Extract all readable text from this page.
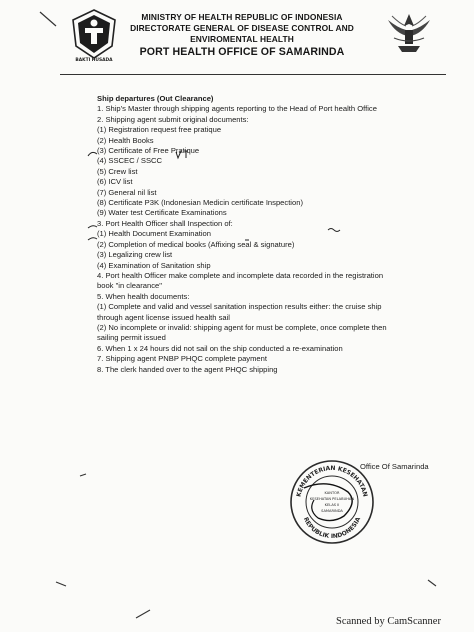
BAKTI HUSADA
MINISTRY OF HEALTH REPUBLIC OF INDONESIA
DIRECTORATE GENERAL OF DISEASE CONTROL AND
ENVIROMENTAL HEALTH
PORT HEALTH OFFICE OF SAMARINDA
Ship departures (Out Clearance)
1. Ship's Master through shipping agents reporting to the Head of Port health Office
2. Shipping agent submit original documents:
(1) Registration request free pratique
(2) Health Books
(3) Certificate of Free Pratique
(4) SSCEC / SSCC
(5) Crew list
(6) ICV list
(7) General nil list
(8) Certificate P3K (Indonesian Medicin certificate Inspection)
(9) Water test Certificate Examinations
3. Port Health Officer shall Inspection of:
(1) Health Document Examination
(2) Completion of medical books (Affixing seal & signature)
(3) Legalizing crew list
(4) Examination of Sanitation ship
4. Port health Officer make complete and incomplete data recorded in the registration
book "in clearance"
5. When health documents:
(1) Complete and valid and vessel sanitation inspection results either: the cruise ship
through agent license issued health sail
(2) No incomplete or invalid: shipping agent for must be complete, once complete then
sailing permit issued
6. When 1 x 24 hours did not sail on the ship conducted a re-examination
7. Shipping agent PNBP PHQC complete payment
8. The clerk handed over to the agent PHQC shipping
KEMENTERIAN KESEHATAN
REPUBLIK INDONESIA
KANTOR
KESEHATAN PELABUHAN
KELAS II
SAMARINDA
Office Of Samarinda
Scanned by CamScanner
